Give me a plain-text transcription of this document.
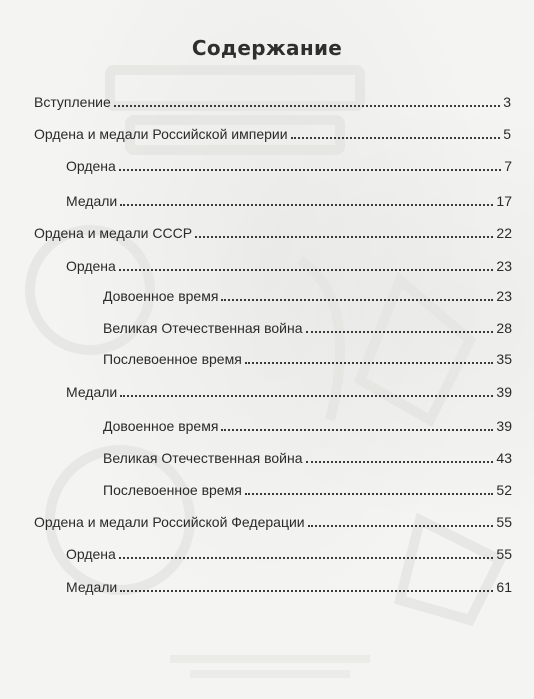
Содержание
Вступление	3
Ордена и медали Российской империи	5
Ордена	7
Медали	17
Ордена и медали СССР	22
Ордена	23
Довоенное время	23
Великая Отечественная война	28
Послевоенное время	35
Медали	39
Довоенное время	39
Великая Отечественная война	43
Послевоенное время	52
Ордена и медали Российской Федерации	55
Ордена	55
Медали	61
